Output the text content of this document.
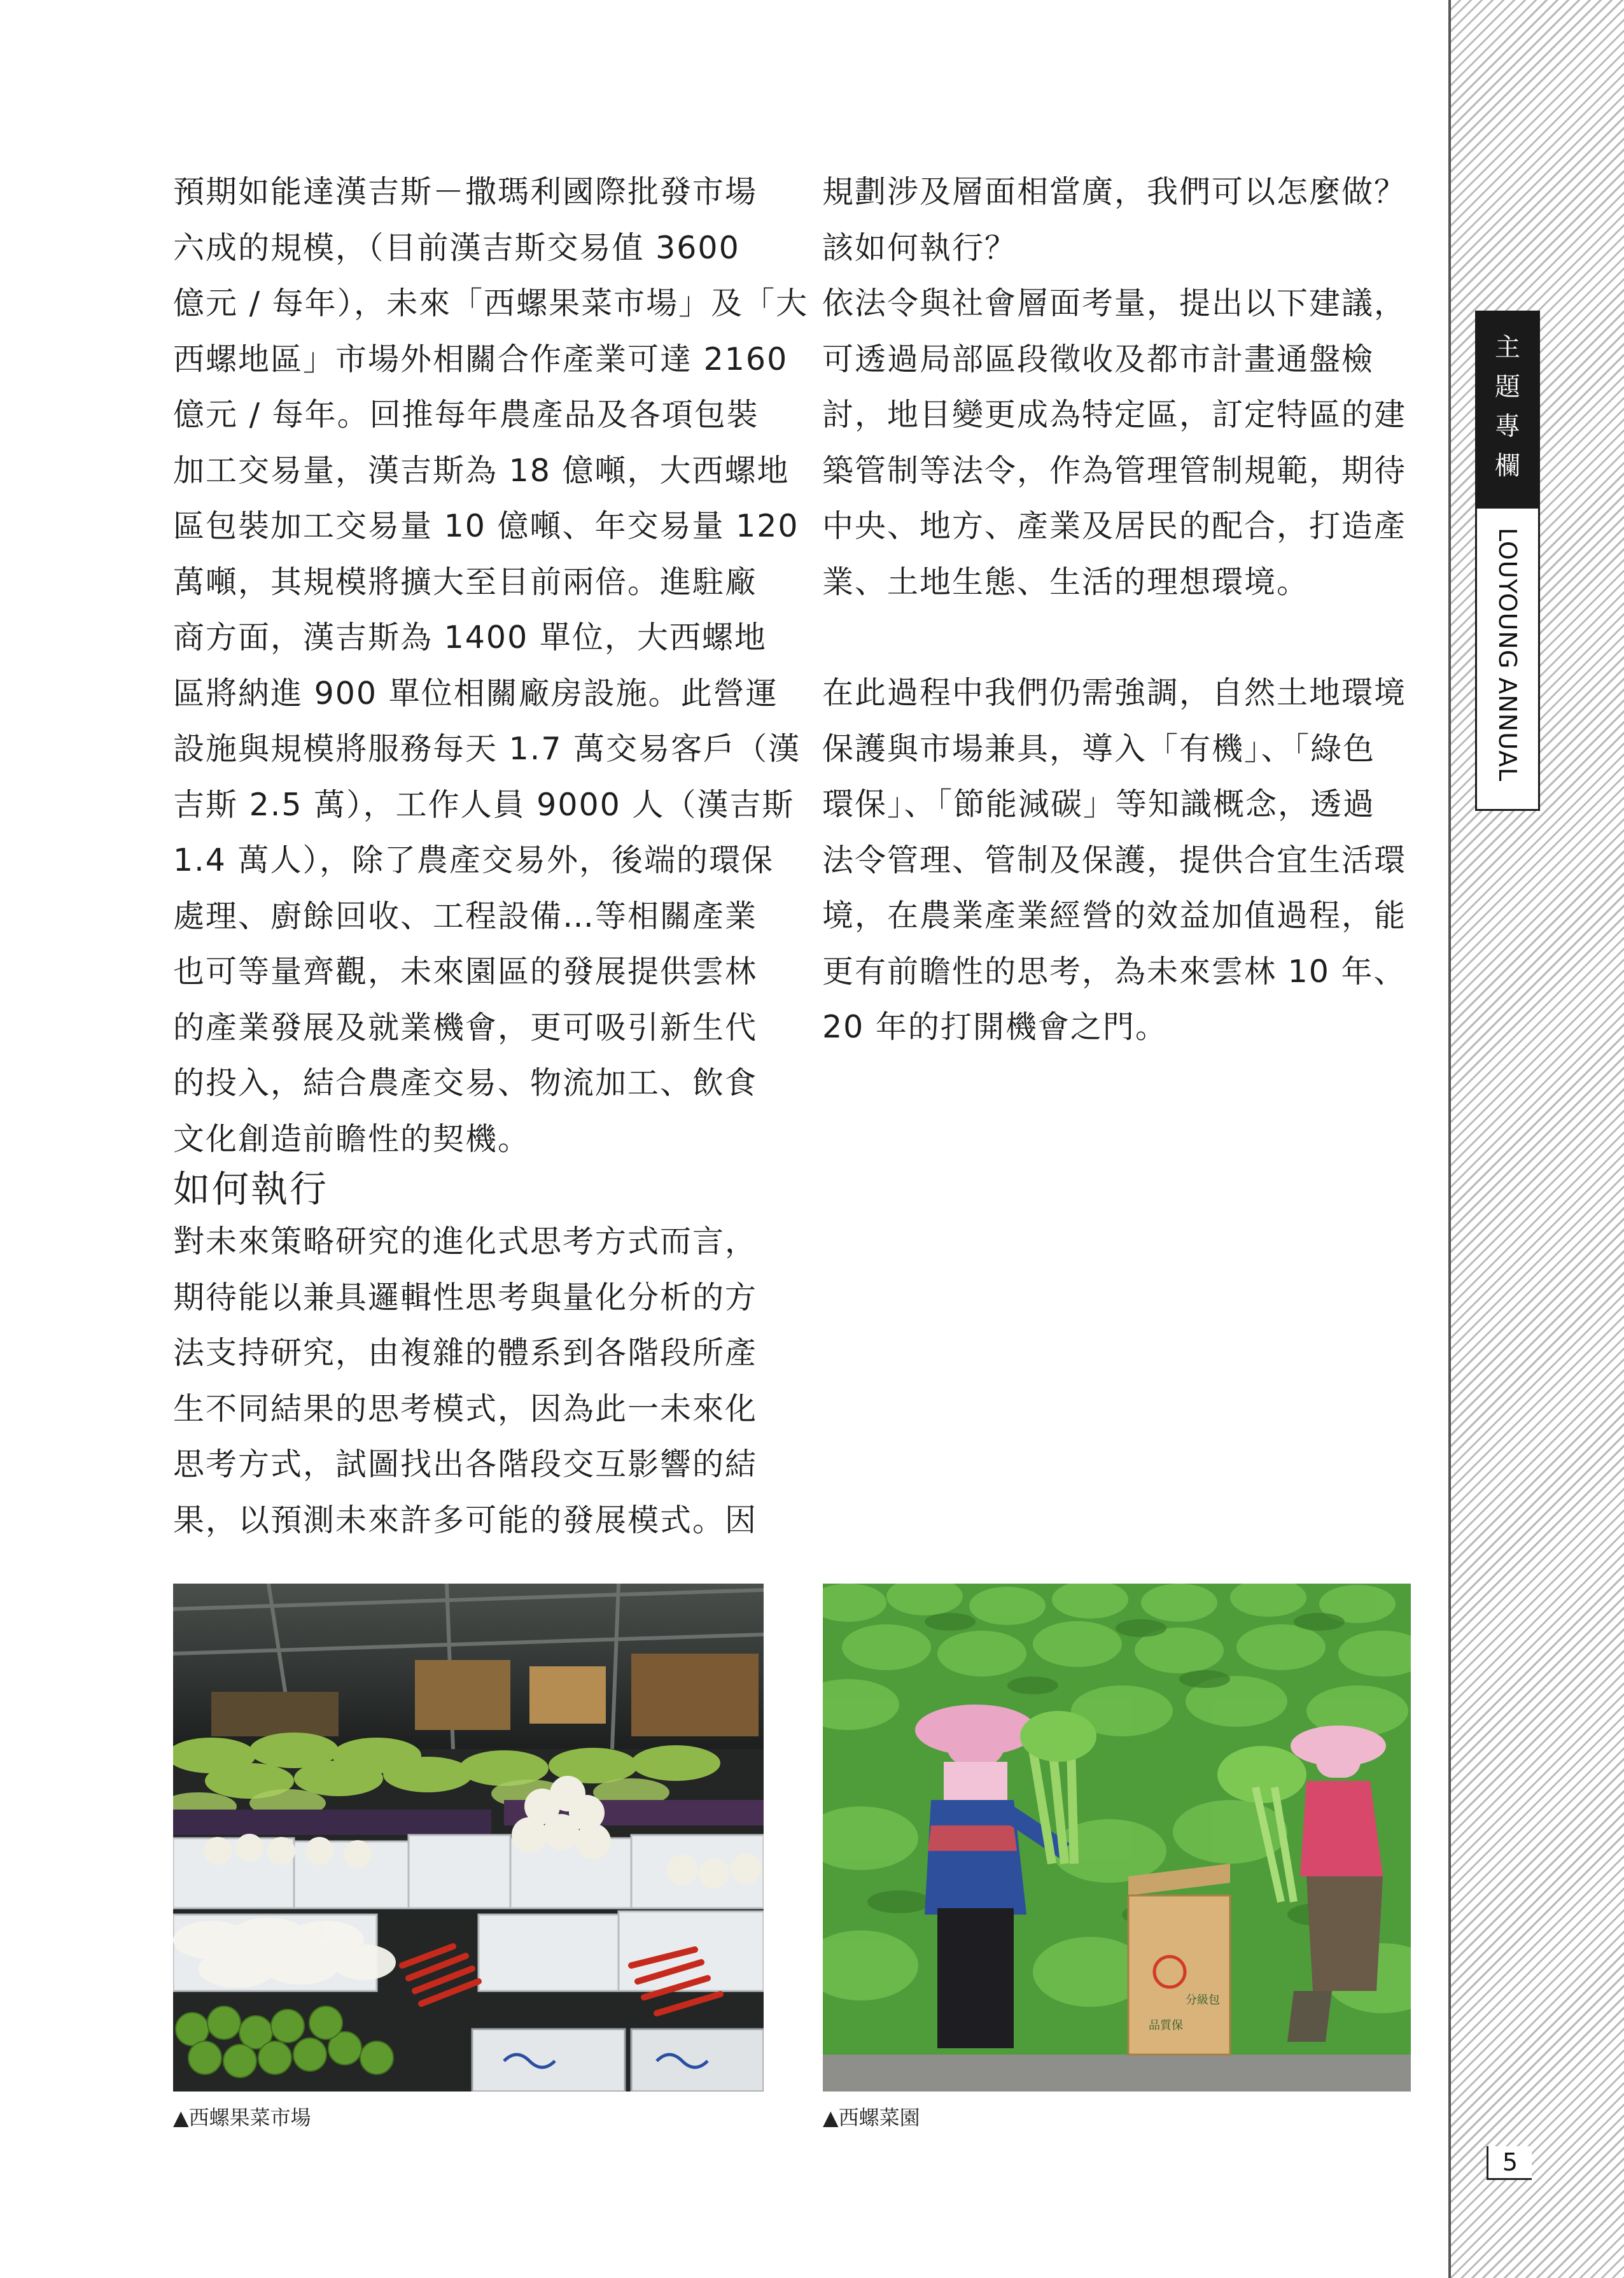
預期如能達漢吉斯－撒瑪利國際批發市場
六成的規模，（目前漢吉斯交易值 3600
億元 / 每年），未來「西螺果菜市場」及「大
西螺地區」市場外相關合作產業可達 2160
億元 / 每年。回推每年農產品及各項包裝
加工交易量，漢吉斯為 18 億噸，大西螺地
區包裝加工交易量 10 億噸、年交易量 120
萬噸，其規模將擴大至目前兩倍。進駐廠
商方面，漢吉斯為 1400 單位，大西螺地
區將納進 900 單位相關廠房設施。此營運
設施與規模將服務每天 1.7 萬交易客戶（漢
吉斯 2.5 萬），工作人員 9000 人（漢吉斯
1.4 萬人），除了農產交易外，後端的環保
處理、廚餘回收、工程設備…等相關產業
也可等量齊觀，未來園區的發展提供雲林
的產業發展及就業機會，更可吸引新生代
的投入，結合農產交易、物流加工、飲食
文化創造前瞻性的契機。

如何執行

對未來策略研究的進化式思考方式而言，
期待能以兼具邏輯性思考與量化分析的方
法支持研究，由複雜的體系到各階段所產
生不同結果的思考模式，因為此一未來化
思考方式，試圖找出各階段交互影響的結
果，以預測未來許多可能的發展模式。因

規劃涉及層面相當廣，我們可以怎麼做？
該如何執行？
依法令與社會層面考量，提出以下建議，
可透過局部區段徵收及都市計畫通盤檢
討，地目變更成為特定區，訂定特區的建
築管制等法令，作為管理管制規範，期待
中央、地方、產業及居民的配合，打造產
業、土地生態、生活的理想環境。

在此過程中我們仍需強調，自然土地環境
保護與市場兼具，導入「有機」、「綠色
環保」、「節能減碳」等知識概念，透過
法令管理、管制及保護，提供合宜生活環
境，在農業產業經營的效益加值過程，能
更有前瞻性的思考，為未來雲林 10 年、
20 年的打開機會之門。

品質保
分級包
▲西螺果菜市場	▲西螺菜園
主
題
專
欄
LOUYOUNG ANNUAL
5
